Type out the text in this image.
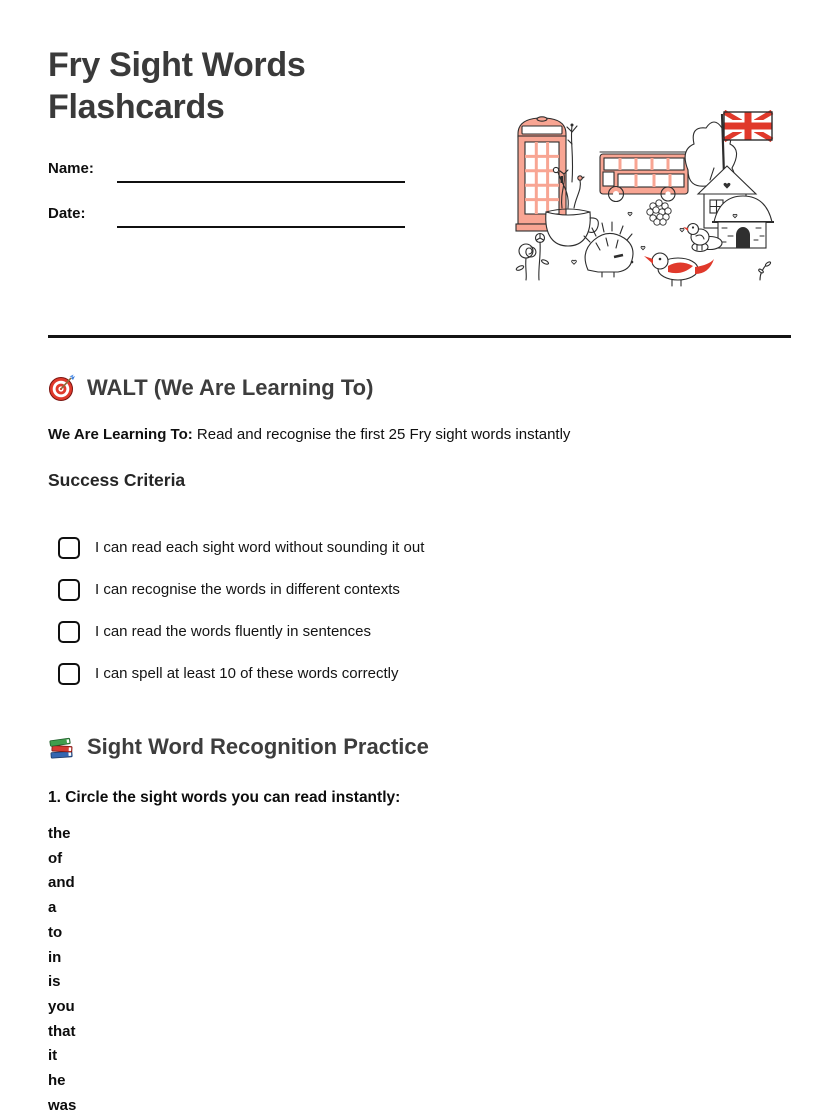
Fry Sight Words Flashcards
Name:
Date:
WALT (We Are Learning To)

We Are Learning To: Read and recognise the first 25 Fry sight words instantly

Success Criteria
I can read each sight word without sounding it out
I can recognise the words in different contexts
I can read the words fluently in sentences
I can spell at least 10 of these words correctly
Sight Word Recognition Practice

1. Circle the sight words you can read instantly:

the
of
and
a
to
in
is
you
that
it
he
was
